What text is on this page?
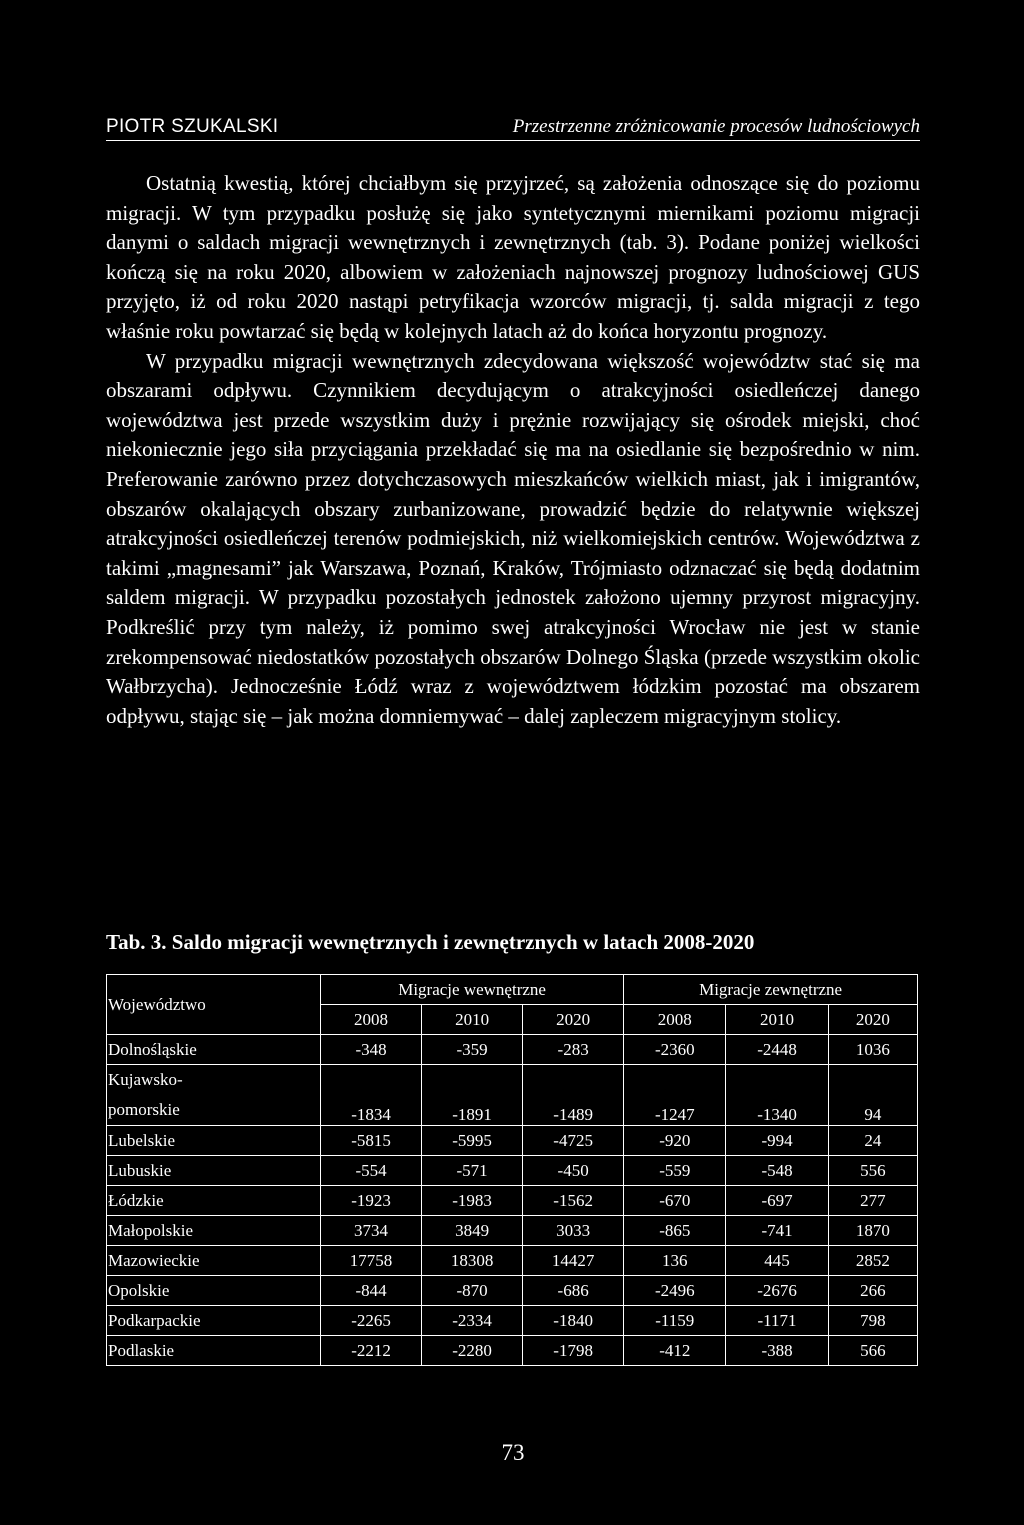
PIOTR SZUKALSKI	Przestrzenne zróżnicowanie procesów ludnościowych

Ostatnią kwestią, której chciałbym się przyjrzeć, są założenia odnoszące się do poziomu migracji. W tym przypadku posłużę się jako syntetycznymi miernikami poziomu migracji danymi o saldach migracji wewnętrznych i zewnętrznych (tab. 3). Podane poniżej wielkości kończą się na roku 2020, albowiem w założeniach najnowszej prognozy ludnościowej GUS przyjęto, iż od roku 2020 nastąpi petryfikacja wzorców migracji, tj. salda migracji z tego właśnie roku powtarzać się będą w kolejnych latach aż do końca horyzontu prognozy.

W przypadku migracji wewnętrznych zdecydowana większość województw stać się ma obszarami odpływu. Czynnikiem decydującym o atrakcyjności osiedleńczej danego województwa jest przede wszystkim duży i prężnie rozwijający się ośrodek miejski, choć niekoniecznie jego siła przyciągania przekładać się ma na osiedlanie się bezpośrednio w nim. Preferowanie zarówno przez dotychczasowych mieszkańców wielkich miast, jak i imigrantów, obszarów okalających obszary zurbanizowane, prowadzić będzie do relatywnie większej atrakcyjności osiedleńczej terenów podmiejskich, niż wielkomiejskich centrów. Województwa z takimi „magnesami” jak Warszawa, Poznań, Kraków, Trójmiasto odznaczać się będą dodatnim saldem migracji. W przypadku pozostałych jednostek założono ujemny przyrost migracyjny. Podkreślić przy tym należy, iż pomimo swej atrakcyjności Wrocław nie jest w stanie zrekompensować niedostatków pozostałych obszarów Dolnego Śląska (przede wszystkim okolic Wałbrzycha). Jednocześnie Łódź wraz z województwem łódzkim pozostać ma obszarem odpływu, stając się – jak można domniemywać – dalej zapleczem migracyjnym stolicy.

Tab. 3. Saldo migracji wewnętrznych i zewnętrznych w latach 2008-2020
Województwo	Migracje wewnętrzne			Migracje zewnętrzne		
	2008	2010	2020	2008	2010	2020
Dolnośląskie	-348	-359	-283	-2360	-2448	1036
Kujawsko-
pomorskie	-1834	-1891	-1489	-1247	-1340	94
Lubelskie	-5815	-5995	-4725	-920	-994	24
Lubuskie	-554	-571	-450	-559	-548	556
Łódzkie	-1923	-1983	-1562	-670	-697	277
Małopolskie	3734	3849	3033	-865	-741	1870
Mazowieckie	17758	18308	14427	136	445	2852
Opolskie	-844	-870	-686	-2496	-2676	266
Podkarpackie	-2265	-2334	-1840	-1159	-1171	798
Podlaskie	-2212	-2280	-1798	-412	-388	566
73
